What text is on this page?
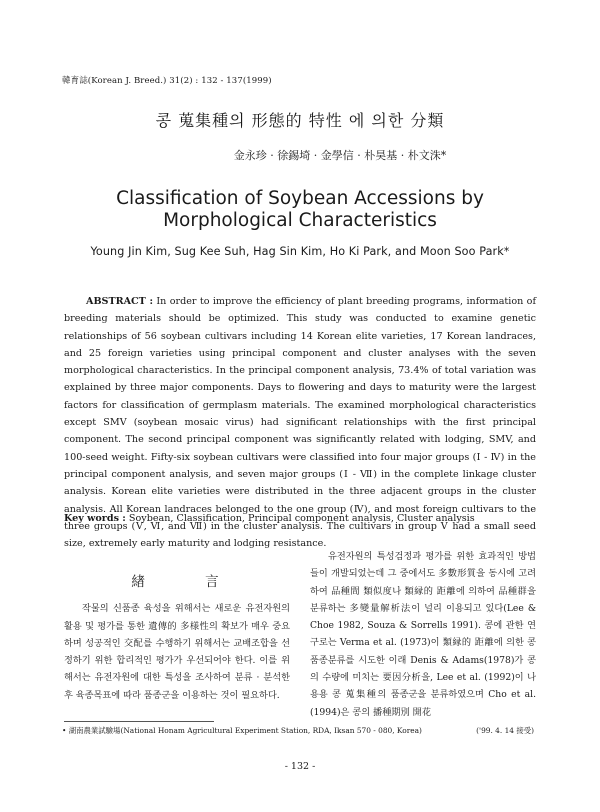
韓育誌(Korean J. Breed.) 31(2) : 132 - 137(1999)
콩 蒐集種의 形態的 特性 에 의한 分類
金永珍 · 徐錫埼 · 金學信 · 朴昊基 · 朴文洙*
Classification of Soybean Accessions by
Morphological Characteristics
Young Jin Kim, Sug Kee Suh, Hag Sin Kim, Ho Ki Park, and Moon Soo Park*
ABSTRACT : In order to improve the efficiency of plant breeding programs, information of breeding materials should be optimized. This study was conducted to examine genetic relationships of 56 soybean cultivars including 14 Korean elite varieties, 17 Korean landraces, and 25 foreign varieties using principal component and cluster analyses with the seven morphological characteristics. In the principal component analysis, 73.4% of total variation was explained by three major components. Days to flowering and days to maturity were the largest factors for classification of germplasm materials. The examined morphological characteristics except SMV (soybean mosaic virus) had significant relationships with the first principal component. The second principal component was significantly related with lodging, SMV, and 100-seed weight. Fifty-six soybean cultivars were classified into four major groups (Ⅰ - Ⅳ) in the principal component analysis, and seven major groups (Ⅰ - Ⅶ) in the complete linkage cluster analysis. Korean elite varieties were distributed in the three adjacent groups in the cluster analysis. All Korean landraces belonged to the one group (Ⅳ), and most foreign cultivars to the three groups (Ⅴ, Ⅵ, and Ⅶ) in the cluster analysis. The cultivars in group Ⅴ had a small seed size, extremely early maturity and lodging resistance.
Key words : Soybean, Classification, Principal component analysis, Cluster analysis
緖 言
작물의 신품종 육성을 위해서는 새로운 유전자원의 활용 및 평가를 통한 遺傳的 多様性의 확보가 매우 중요하며 성공적인 交配를 수행하기 위해서는 교배조합을 선정하기 위한 합리적인 평가가 우선되어야 한다. 이를 위해서는 유전자원에 대한 특성을 조사하여 분류 · 분석한 후 육종목표에 따라 품종군을 이용하는 것이 필요하다.
유전자원의 특성검정과 평가를 위한 효과적인 방법들이 개발되었는데 그 중에서도 多數形質을 동시에 고려하여 品種間 類似度나 類縁的 距離에 의하여 品種群을 분류하는 多變量解析法이 널리 이용되고 있다(Lee & Choe 1982, Souza & Sorrells 1991). 콩에 관한 연구로는 Verma et al. (1973)이 類縁的 距離에 의한 콩 품종분류를 시도한 이래 Denis & Adams(1978)가 콩의 수량에 미치는 要因分析을, Lee et al. (1992)이 나용용 콩 蒐集種의 품종군을 분류하였으며 Cho et al. (1994)은 콩의 播種期別 開花
• 湖南農業試驗場(National Honam Agricultural Experiment Station, RDA, Iksan 570 - 080, Korea)	('99. 4. 14 接受)
- 132 -
